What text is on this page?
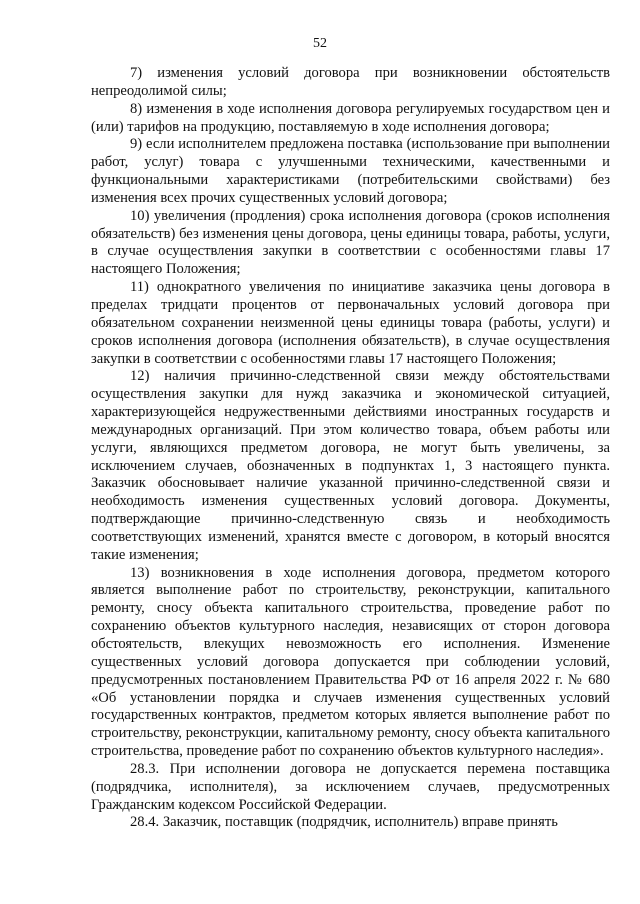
52

7) изменения условий договора при возникновении обстоятельств непреодолимой силы;

8) изменения в ходе исполнения договора регулируемых государством цен и (или) тарифов на продукцию, поставляемую в ходе исполнения договора;

9) если исполнителем предложена поставка (использование при выполнении работ, услуг) товара с улучшенными техническими, качественными и функциональными характеристиками (потребительскими свойствами) без изменения всех прочих существенных условий договора;

10) увеличения (продления) срока исполнения договора (сроков исполнения обязательств) без изменения цены договора, цены единицы товара, работы, услуги, в случае осуществления закупки в соответствии с особенностями главы 17 настоящего Положения;

11) однократного увеличения по инициативе заказчика цены договора в пределах тридцати процентов от первоначальных условий договора при обязательном сохранении неизменной цены единицы товара (работы, услуги) и сроков исполнения договора (исполнения обязательств), в случае осуществления закупки в соответствии с особенностями главы 17 настоящего Положения;

12) наличия причинно-следственной связи между обстоятельствами осуществления закупки для нужд заказчика и экономической ситуацией, характеризующейся недружественными действиями иностранных государств и международных организаций. При этом количество товара, объем работы или услуги, являющихся предметом договора, не могут быть увеличены, за исключением случаев, обозначенных в подпунктах 1, 3 настоящего пункта. Заказчик обосновывает наличие указанной причинно-следственной связи и необходимость изменения существенных условий договора. Документы, подтверждающие причинно-следственную связь и необходимость соответствующих изменений, хранятся вместе с договором, в который вносятся такие изменения;

13) возникновения в ходе исполнения договора, предметом которого является выполнение работ по строительству, реконструкции, капитального ремонту, сносу объекта капитального строительства, проведение работ по сохранению объектов культурного наследия, независящих от сторон договора обстоятельств, влекущих невозможность его исполнения. Изменение существенных условий договора допускается при соблюдении условий, предусмотренных постановлением Правительства РФ от 16 апреля 2022 г. № 680 «Об установлении порядка и случаев изменения существенных условий государственных контрактов, предметом которых является выполнение работ по строительству, реконструкции, капитальному ремонту, сносу объекта капитального строительства, проведение работ по сохранению объектов культурного наследия».

28.3. При исполнении договора не допускается перемена поставщика (подрядчика, исполнителя), за исключением случаев, предусмотренных Гражданским кодексом Российской Федерации.

28.4. Заказчик, поставщик (подрядчик, исполнитель) вправе принять
